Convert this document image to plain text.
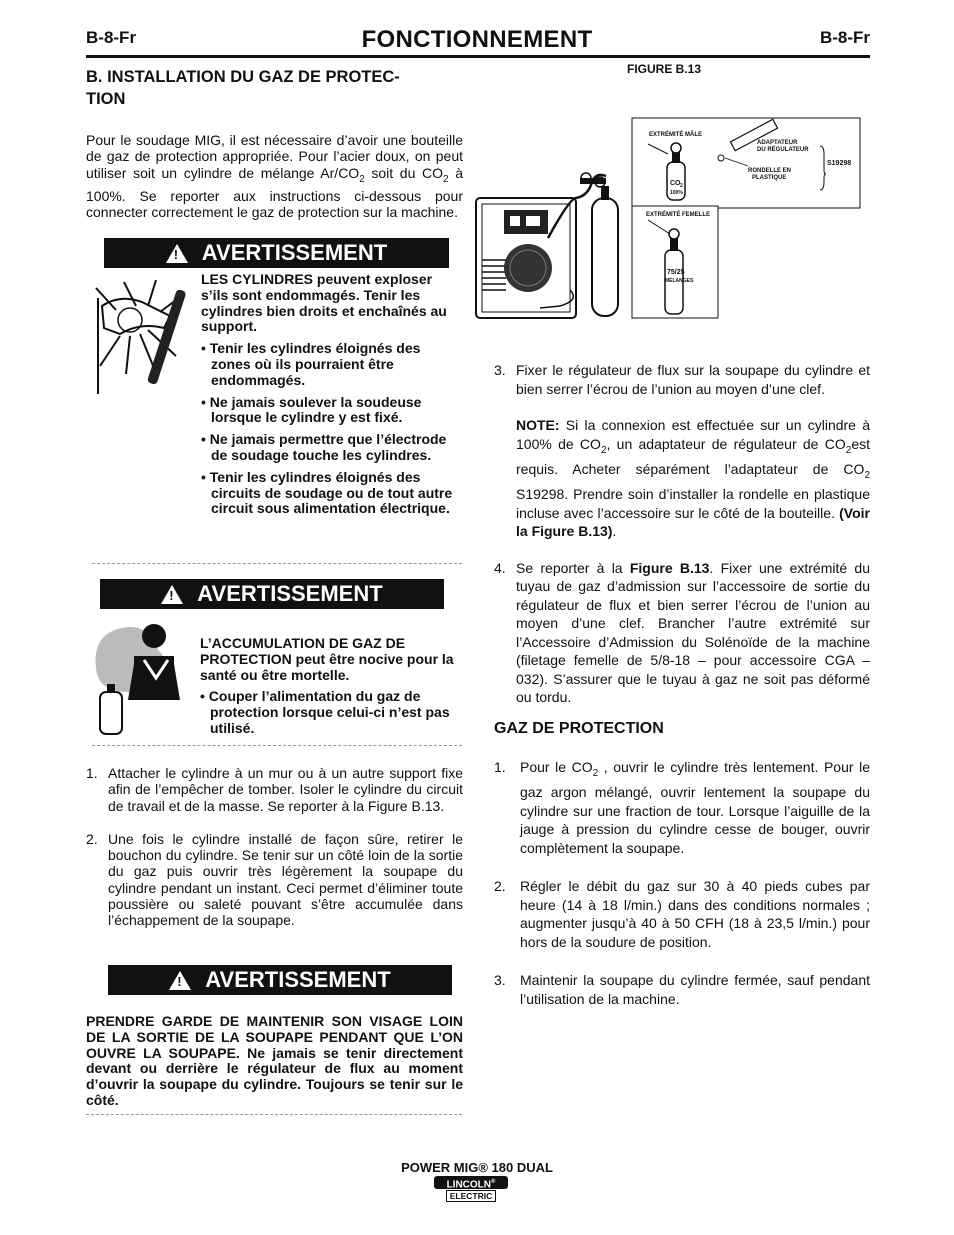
B-8-Fr	FONCTIONNEMENT	B-8-Fr
B. INSTALLATION DU GAZ DE PROTEC-
TION
Pour le soudage MIG, il est nécessaire d’avoir une bouteille de gaz de protection appropriée. Pour l’acier doux, on peut utiliser soit un cylindre de mélange $Ar/CO_2$ soit du $CO_2$ à 100%. Se reporter aux instructions ci-dessous pour connecter correctement le gaz de protection sur la machine.
! AVERTISSEMENT

LES CYLINDRES peuvent exploser s’ils sont endommagés. Tenir les cylindres bien droits et enchaînés au support.

• Tenir les cylindres éloignés des zones où ils pourraient être endommagés.

• Ne jamais soulever la soudeuse lorsque le cylindre y est fixé.

• Ne jamais permettre que l’électrode de soudage touche les cylindres.

• Tenir les cylindres éloignés des circuits de soudage ou de tout autre circuit sous alimentation électrique.

! AVERTISSEMENT

L’ACCUMULATION DE GAZ DE PROTECTION peut être nocive pour la santé ou être mortelle.

• Couper l’alimentation du gaz de protection lorsque celui-ci n’est pas utilisé.

1. Attacher le cylindre à un mur ou à un autre support fixe afin de l’empêcher de tomber. Isoler le cylindre du circuit de travail et de la masse. Se reporter à la Figure B.13.
2. Une fois le cylindre installé de façon sûre, retirer le bouchon du cylindre. Se tenir sur un côté loin de la sortie du gaz puis ouvrir très légèrement la soupape du cylindre pendant un instant. Ceci permet d’éliminer toute poussière ou saleté pouvant s’être accumulée dans l’échappement de la soupape.
! AVERTISSEMENT
PRENDRE GARDE DE MAINTENIR SON VISAGE LOIN DE LA SORTIE DE LA SOUPAPE PENDANT QUE L’ON OUVRE LA SOUPAPE. Ne jamais se tenir directement devant ou derrière le régulateur de flux au moment d’ouvrir la soupape du cylindre. Toujours se tenir sur le côté.
FIGURE B.13
EXTRÉMITÉ MÂLE
ADAPTATEUR
DU RÉGULATEUR
RONDELLE EN
PLASTIQUE
S19298
CO 2
100%
EXTRÉMITÉ FEMELLE
75/25
MÉLANGES
3. Fixer le régulateur de flux sur la soupape du cylindre et bien serrer l’écrou de l’union au moyen d’une clef.
NOTE: Si la connexion est effectuée sur un cylindre à 100% de $CO_2$, un adaptateur de régulateur de $CO_2est$ requis. Acheter séparément l’adaptateur de $CO_2$ S19298. Prendre soin d’installer la rondelle en plastique incluse avec l’accessoire sur le côté de la bouteille. (Voir la Figure B.13).
4. Se reporter à la Figure B.13. Fixer une extrémité du tuyau de gaz d’admission sur l’accessoire de sortie du régulateur de flux et bien serrer l’écrou de l’union au moyen d’une clef. Brancher l’autre extrémité sur l’Accessoire d’Admission du Solénoïde de la machine (filetage femelle de 5/8-18 – pour accessoire CGA – 032). S’assurer que le tuyau à gaz ne soit pas déformé ou tordu.
GAZ DE PROTECTION
1. Pour le $CO_2$ , ouvrir le cylindre très lentement. Pour le gaz argon mélangé, ouvrir lentement la soupape du cylindre sur une fraction de tour. Lorsque l’aiguille de la jauge à pression du cylindre cesse de bouger, ouvrir complètement la soupape.
2. Régler le débit du gaz sur 30 à 40 pieds cubes par heure (14 à 18 l/min.) dans des conditions normales ; augmenter jusqu’à 40 à 50 CFH (18 à 23,5 l/min.) pour hors de la soudure de position.
3. Maintenir la soupape du cylindre fermée, sauf pendant l’utilisation de la machine.
POWER MIG® 180 DUAL
LINCOLN®
ELECTRIC
